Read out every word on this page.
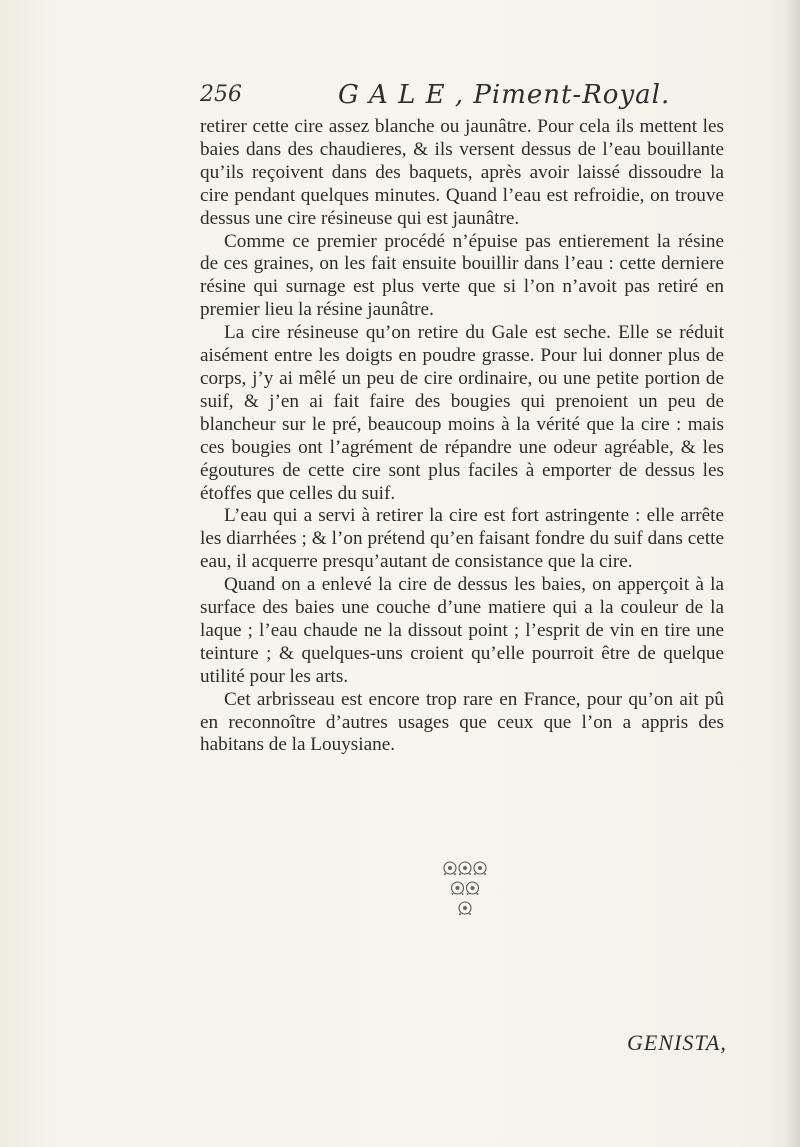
256	G A L E , Piment-Royal.

retirer cette cire assez blanche ou jaunâtre. Pour cela ils mettent les baies dans des chaudieres, & ils versent dessus de l’eau bouillante qu’ils reçoivent dans des baquets, après avoir laissé dissoudre la cire pendant quelques minutes. Quand l’eau est refroidie, on trouve dessus une cire résineuse qui est jaunâtre.

Comme ce premier procédé n’épuise pas entierement la résine de ces graines, on les fait ensuite bouillir dans l’eau : cette derniere résine qui surnage est plus verte que si l’on n’avoit pas retiré en premier lieu la résine jaunâtre.

La cire résineuse qu’on retire du Gale est seche. Elle se réduit aisément entre les doigts en poudre grasse. Pour lui donner plus de corps, j’y ai mêlé un peu de cire ordinaire, ou une petite portion de suif, & j’en ai fait faire des bougies qui prenoient un peu de blancheur sur le pré, beaucoup moins à la vérité que la cire : mais ces bougies ont l’agrément de répandre une odeur agréable, & les égoutures de cette cire sont plus faciles à emporter de dessus les étoffes que celles du suif.

L’eau qui a servi à retirer la cire est fort astringente : elle arrête les diarrhées ; & l’on prétend qu’en faisant fondre du suif dans cette eau, il acquerre presqu’autant de consistance que la cire.

Quand on a enlevé la cire de dessus les baies, on apperçoit à la surface des baies une couche d’une matiere qui a la couleur de la laque ; l’eau chaude ne la dissout point ; l’esprit de vin en tire une teinture ; & quelques-uns croient qu’elle pourroit être de quelque utilité pour les arts.

Cet arbrisseau est encore trop rare en France, pour qu’on ait pû en reconnoître d’autres usages que ceux que l’on a appris des habitans de la Louysiane.

GENISTA,
